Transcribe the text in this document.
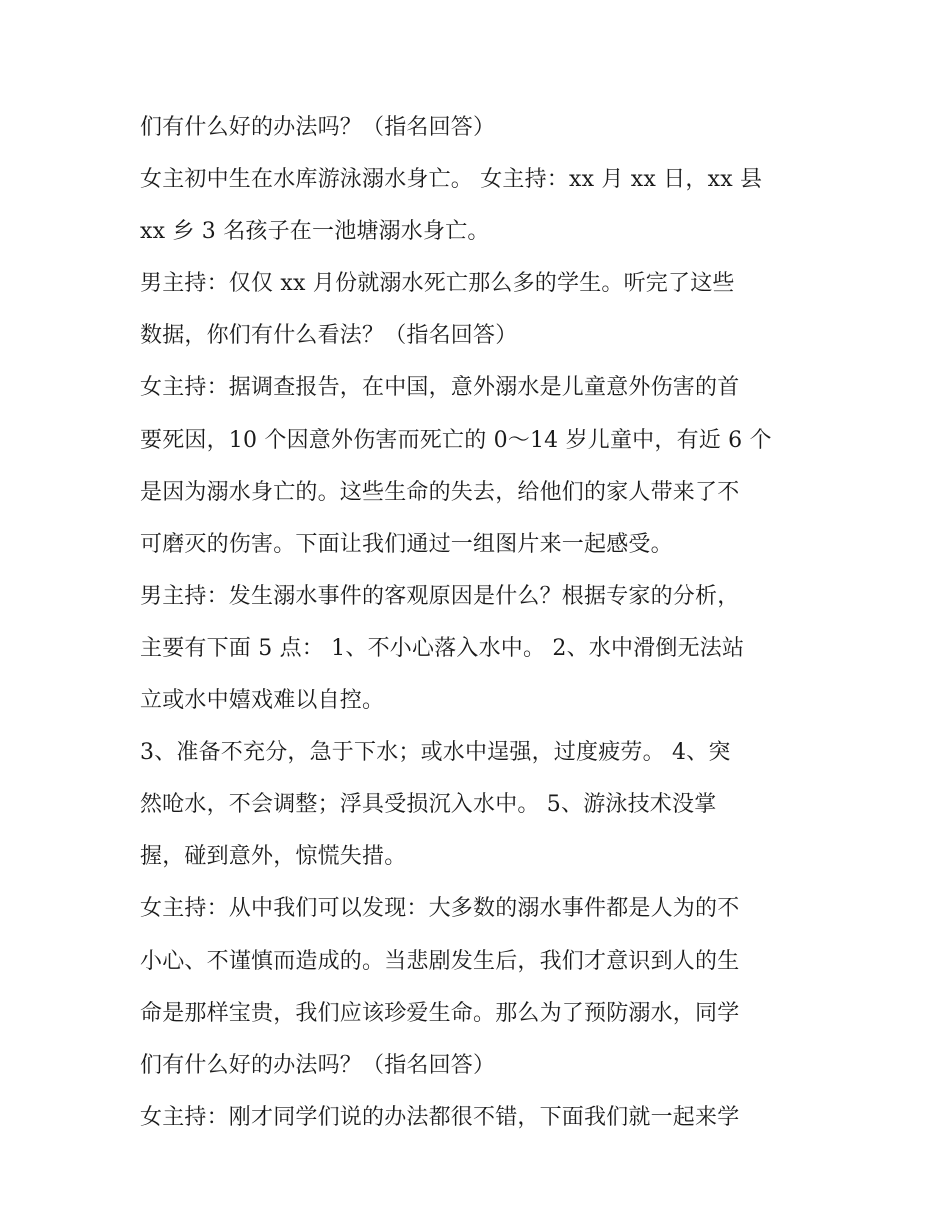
们有什么好的办法吗？（指名回答）
女主初中生在水库游泳溺水身亡。 女主持：xx 月 xx 日，xx 县
xx 乡 3 名孩子在一池塘溺水身亡。
男主持：仅仅 xx 月份就溺水死亡那么多的学生。听完了这些
数据，你们有什么看法？（指名回答）
女主持：据调查报告，在中国，意外溺水是儿童意外伤害的首
要死因，10 个因意外伤害而死亡的 0～14 岁儿童中，有近 6 个
是因为溺水身亡的。这些生命的失去，给他们的家人带来了不
可磨灭的伤害。下面让我们通过一组图片来一起感受。
男主持：发生溺水事件的客观原因是什么？根据专家的分析，
主要有下面 5 点： 1、不小心落入水中。 2、水中滑倒无法站
立或水中嬉戏难以自控。
3、准备不充分，急于下水；或水中逞强，过度疲劳。 4、突
然呛水，不会调整；浮具受损沉入水中。 5、游泳技术没掌
握，碰到意外，惊慌失措。
女主持：从中我们可以发现：大多数的溺水事件都是人为的不
小心、不谨慎而造成的。当悲剧发生后，我们才意识到人的生
命是那样宝贵，我们应该珍爱生命。那么为了预防溺水，同学
们有什么好的办法吗？（指名回答）
女主持：刚才同学们说的办法都很不错，下面我们就一起来学
